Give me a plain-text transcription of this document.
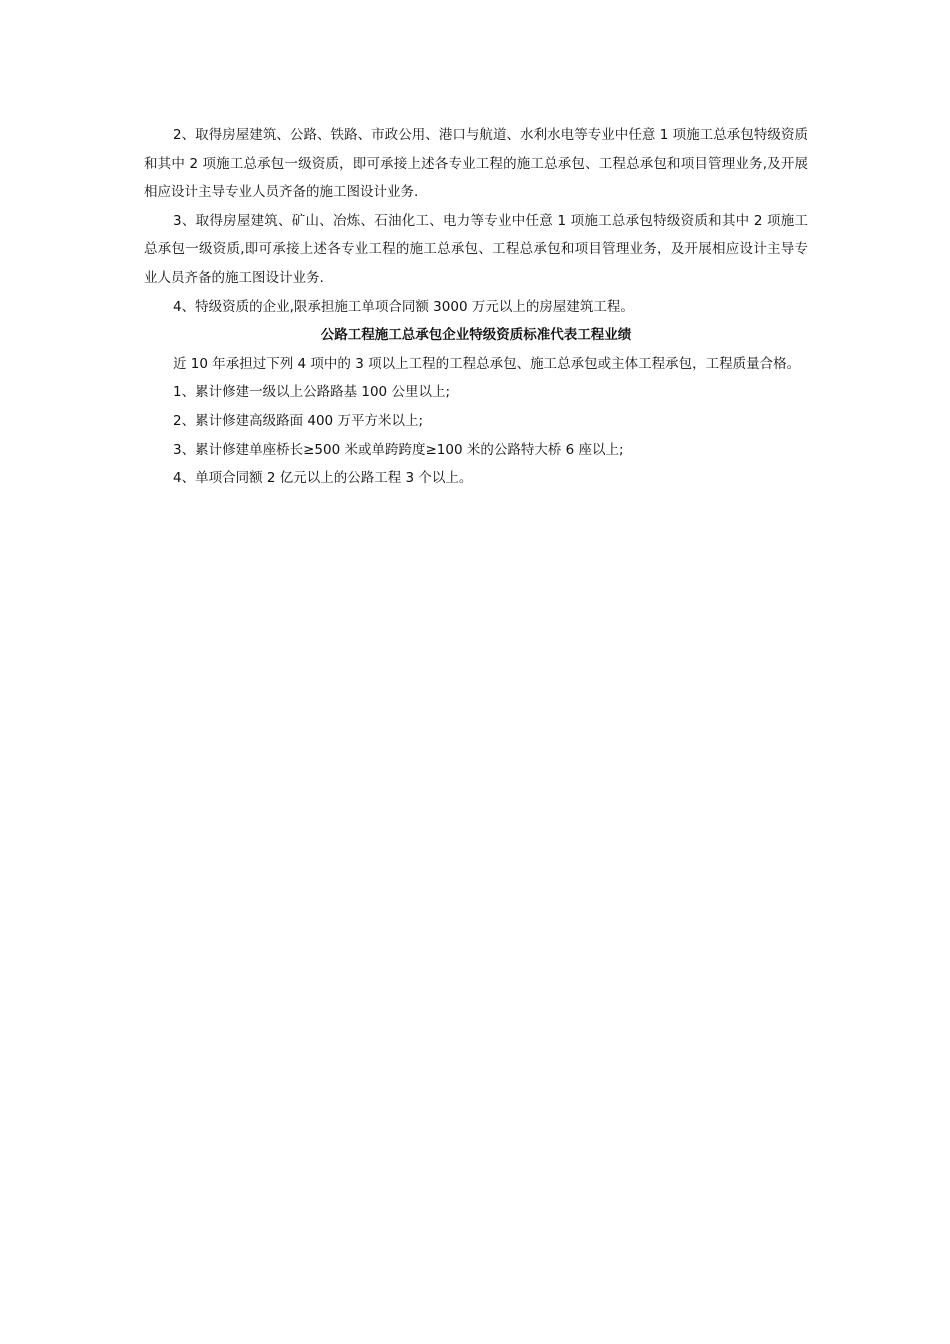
2、取得房屋建筑、公路、铁路、市政公用、港口与航道、水利水电等专业中任意 1 项施工总承包特级资质和其中 2 项施工总承包一级资质，即可承接上述各专业工程的施工总承包、工程总承包和项目管理业务,及开展相应设计主导专业人员齐备的施工图设计业务.

3、取得房屋建筑、矿山、冶炼、石油化工、电力等专业中任意 1 项施工总承包特级资质和其中 2 项施工总承包一级资质,即可承接上述各专业工程的施工总承包、工程总承包和项目管理业务，及开展相应设计主导专业人员齐备的施工图设计业务.

4、特级资质的企业,限承担施工单项合同额 3000 万元以上的房屋建筑工程。

公路工程施工总承包企业特级资质标准代表工程业绩

近 10 年承担过下列 4 项中的 3 项以上工程的工程总承包、施工总承包或主体工程承包，工程质量合格。

1、累计修建一级以上公路路基 100 公里以上;

2、累计修建高级路面 400 万平方米以上;

3、累计修建单座桥长≥500 米或单跨跨度≥100 米的公路特大桥 6 座以上;

4、单项合同额 2 亿元以上的公路工程 3 个以上。
